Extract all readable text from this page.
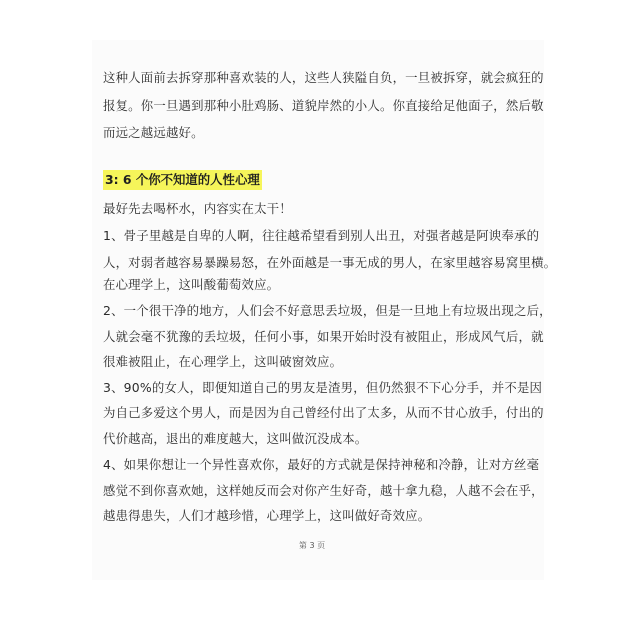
这种人面前去拆穿那种喜欢装的人，这些人狭隘自负，一旦被拆穿，就会疯狂的
报复。你一旦遇到那种小肚鸡肠、道貌岸然的小人。你直接给足他面子，然后敬
而远之越远越好。
3: 6 个你不知道的人性心理
最好先去喝杯水，内容实在太干！
1、骨子里越是自卑的人啊，往往越希望看到别人出丑，对强者越是阿谀奉承的
人，对弱者越容易暴躁易怒，在外面越是一事无成的男人，在家里越容易窝里横。
在心理学上，这叫酸葡萄效应。
2、一个很干净的地方，人们会不好意思丢垃圾，但是一旦地上有垃圾出现之后，
人就会毫不犹豫的丢垃圾，任何小事，如果开始时没有被阻止，形成风气后，就
很难被阻止，在心理学上，这叫破窗效应。
3、90%的女人，即便知道自己的男友是渣男，但仍然狠不下心分手，并不是因
为自己多爱这个男人，而是因为自己曾经付出了太多，从而不甘心放手，付出的
代价越高，退出的难度越大，这叫做沉没成本。
4、如果你想让一个异性喜欢你，最好的方式就是保持神秘和冷静，让对方丝毫
感觉不到你喜欢她，这样她反而会对你产生好奇，越十拿九稳，人越不会在乎，
越患得患失，人们才越珍惜，心理学上，这叫做好奇效应。
第 3 页
